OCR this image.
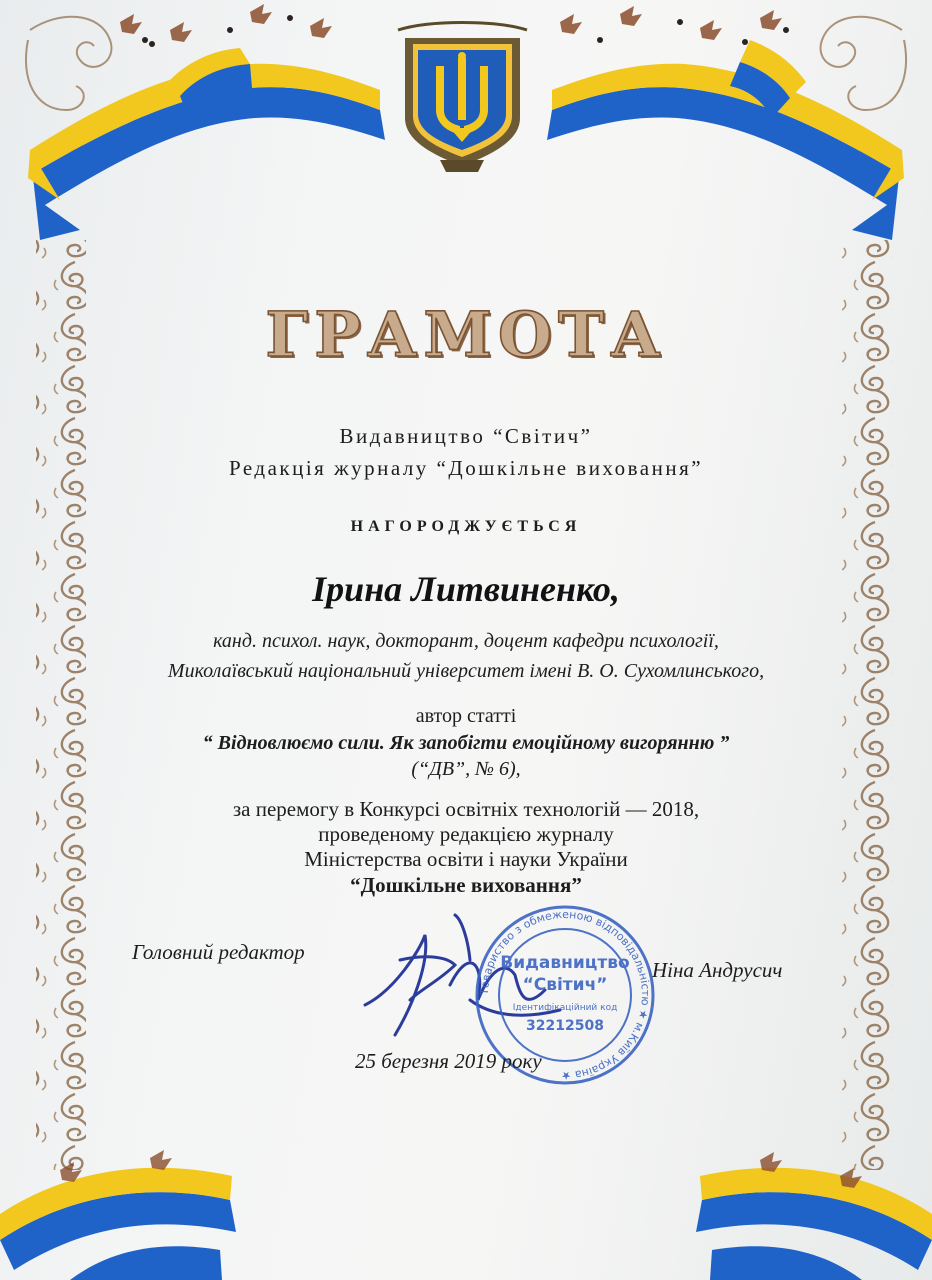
Товариство з обмеженою відповідальністю ★ м.Київ Україна ★
Видавництво
“Світич”
Ідентифікаційний код
32212508
ГРАМОТА
Видавництво “Світич”
Редакція журналу “Дошкільне виховання”
НАГОРОДЖУЄТЬСЯ
Ірина Литвиненко,
канд. психол. наук, докторант, доцент кафедри психології,
Миколаївський національний університет імені В. О. Сухомлинського,
автор статті
“ Відновлюємо сили. Як запобігти емоційному вигорянню ”
(“ДВ”, № 6),
за перемогу в Конкурсі освітніх технологій — 2018,
проведеному редакцією журналу
Міністерства освіти і науки України
“Дошкільне виховання”
Головний редактор
Ніна Андрусич
25 березня 2019 року
